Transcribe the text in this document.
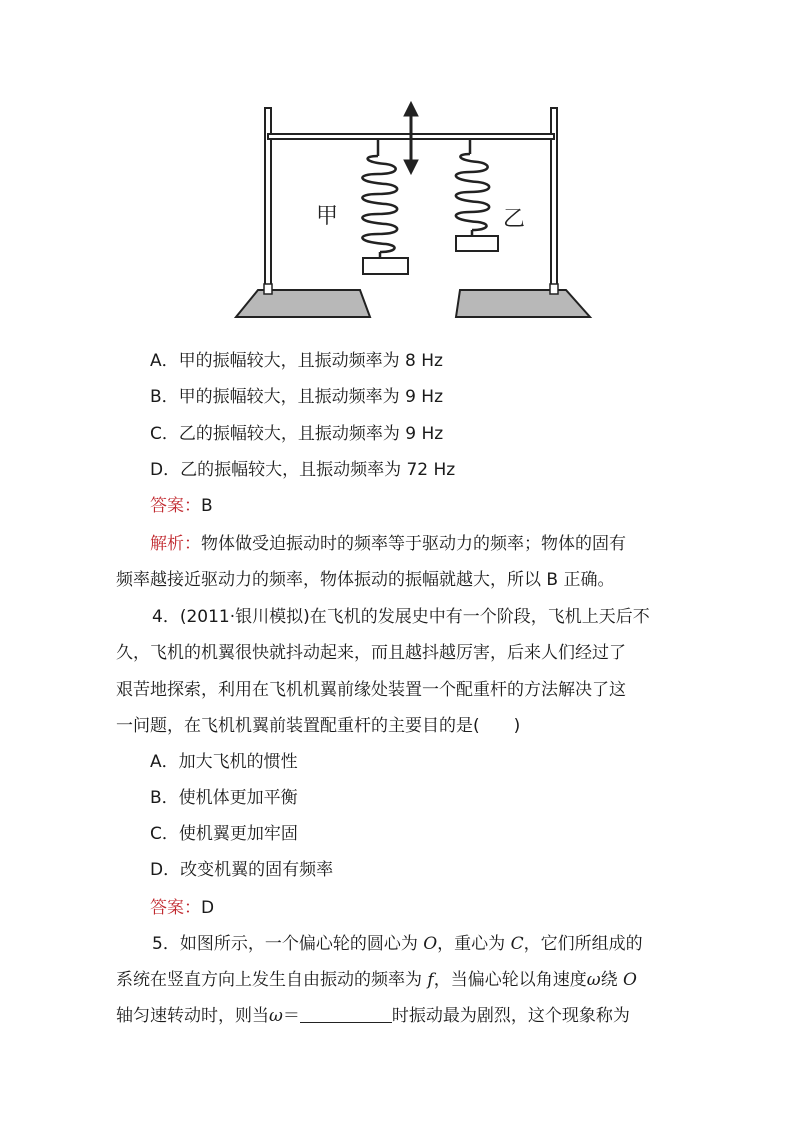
甲	乙
A．甲的振幅较大，且振动频率为 8 Hz
B．甲的振幅较大，且振动频率为 9 Hz
C．乙的振幅较大，且振动频率为 9 Hz
D．乙的振幅较大，且振动频率为 72 Hz
答案：B
解析：物体做受迫振动时的频率等于驱动力的频率；物体的固有
频率越接近驱动力的频率，物体振动的振幅就越大，所以 B 正确。
4．(2011·银川模拟)在飞机的发展史中有一个阶段，飞机上天后不
久，飞机的机翼很快就抖动起来，而且越抖越厉害，后来人们经过了
艰苦地探索，利用在飞机机翼前缘处装置一个配重杆的方法解决了这
一问题，在飞机机翼前装置配重杆的主要目的是(　　)
A．加大飞机的惯性
B．使机体更加平衡
C．使机翼更加牢固
D．改变机翼的固有频率
答案：D
5．如图所示，一个偏心轮的圆心为 O，重心为 C，它们所组成的
系统在竖直方向上发生自由振动的频率为 f，当偏心轮以角速度ω绕 O
轴匀速转动时，则当ω＝	时振动最为剧烈，这个现象称为
